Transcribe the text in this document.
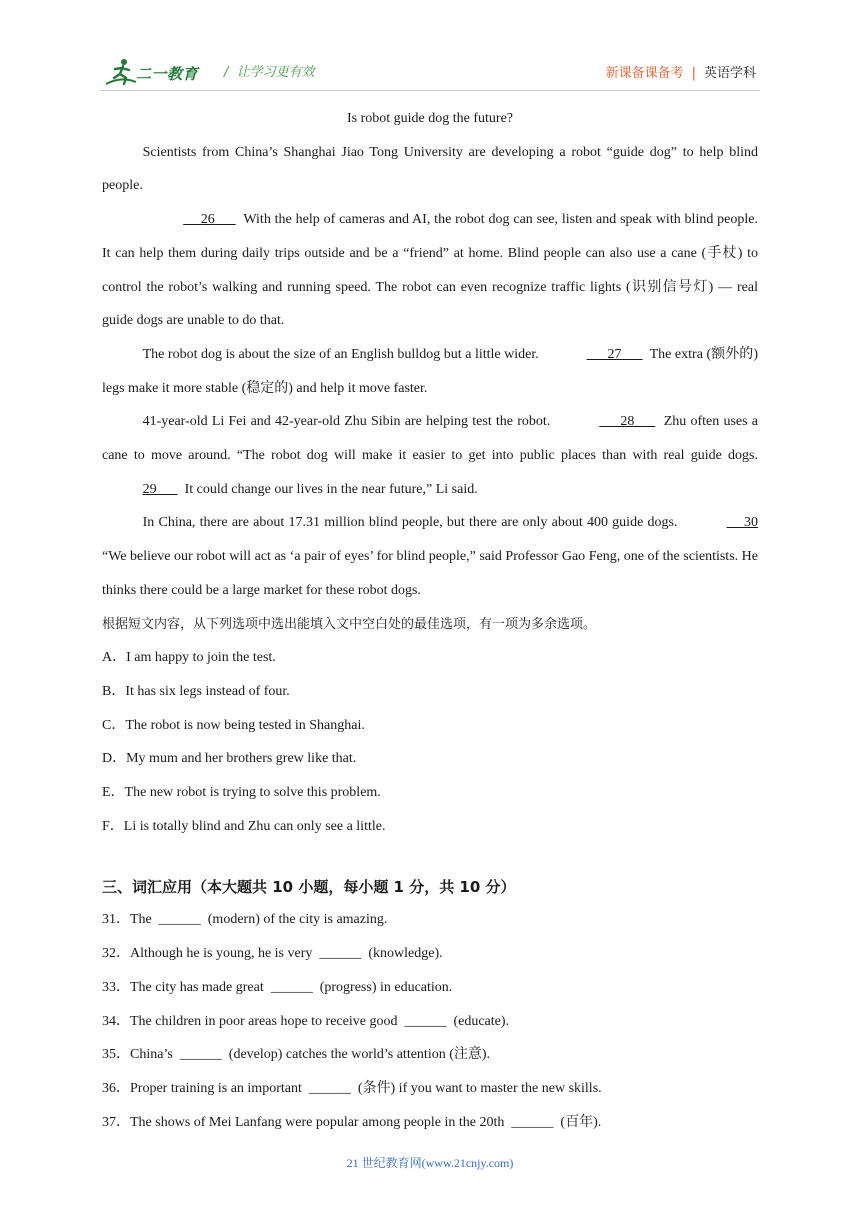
二一教育 /  让学习更有效	新课备课备考 | 英语学科
Is robot guide dog the future?

Scientists from China’s Shanghai Jiao Tong University are developing a robot “guide dog” to help blind people.

26 With the help of cameras and AI, the robot dog can see, listen and speak with blind people. It can help them during daily trips outside and be a “friend” at home. Blind people can also use a cane (手杖) to control the robot’s walking and running speed. The robot can even recognize traffic lights (识别信号灯) — real guide dogs are unable to do that.

The robot dog is about the size of an English bulldog but a little wider.	27 The extra (额外的) legs make it more stable (稳定的) and help it move faster.

41-year-old Li Fei and 42-year-old Zhu Sibin are helping test the robot.	28 Zhu often uses a cane to move around. “The robot dog will make it easier to get into public places than with real guide dogs. 29 It could change our lives in the near future,” Li said.

In China, there are about 17.31 million blind people, but there are only about 400 guide dogs.	30 “We believe our robot will act as ‘a pair of eyes’ for blind people,” said Professor Gao Feng, one of the scientists. He thinks there could be a large market for these robot dogs.

根据短文内容，从下列选项中选出能填入文中空白处的最佳选项，有一项为多余选项。

A．I am happy to join the test.

B．It has six legs instead of four.

C．The robot is now being tested in Shanghai.

D．My mum and her brothers grew like that.

E．The new robot is trying to solve this problem.

F．Li is totally blind and Zhu can only see a little.

三、词汇应用（本大题共 10 小题，每小题 1 分，共 10 分）

31．The ______ (modern) of the city is amazing.

32．Although he is young, he is very ______ (knowledge).

33．The city has made great ______ (progress) in education.

34．The children in poor areas hope to receive good ______ (educate).

35．China’s ______ (develop) catches the world’s attention (注意).

36．Proper training is an important ______ (条件) if you want to master the new skills.

37．The shows of Mei Lanfang were popular among people in the 20th ______ (百年).

21 世纪教育网(www.21cnjy.com)
